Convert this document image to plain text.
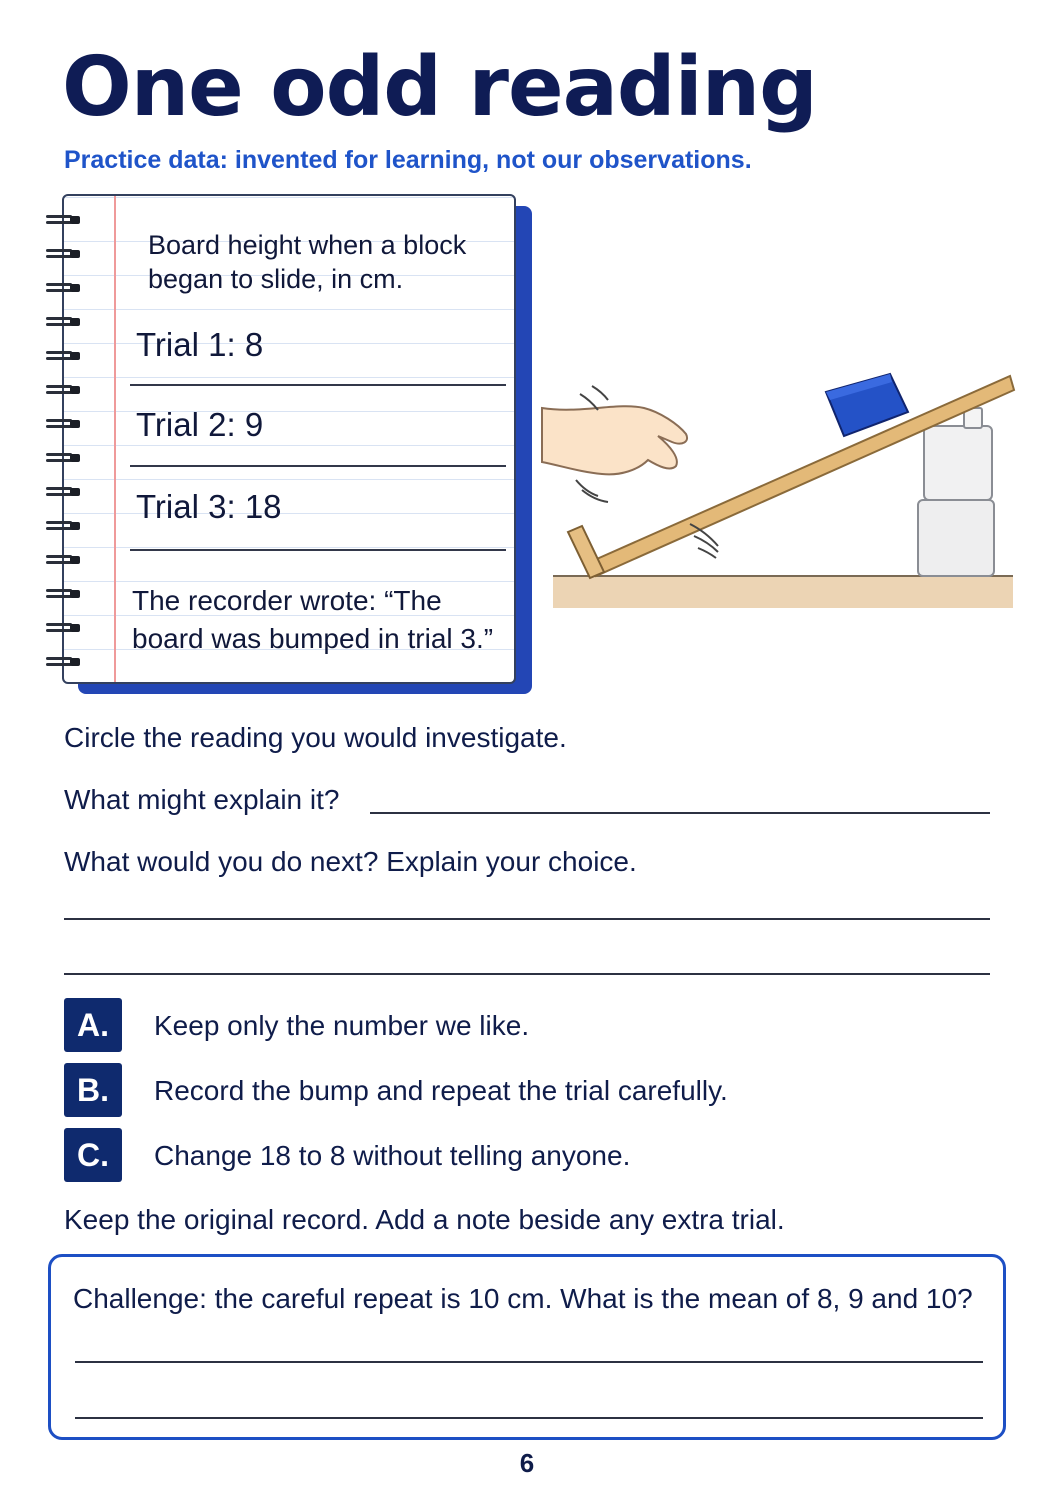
One odd reading
Practice data: invented for learning, not our observations.
Board height when a block
began to slide, in cm.
Trial 1: 8
Trial 2: 9
Trial 3: 18
The recorder wrote: “The
board was bumped in trial 3.”
Circle the reading you would investigate.
What might explain it?
What would you do next? Explain your choice.
A.	Keep only the number we like.
B.	Record the bump and repeat the trial carefully.
C.	Change 18 to 8 without telling anyone.
Keep the original record. Add a note beside any extra trial.
Challenge: the careful repeat is 10 cm. What is the mean of 8, 9 and 10?
6
